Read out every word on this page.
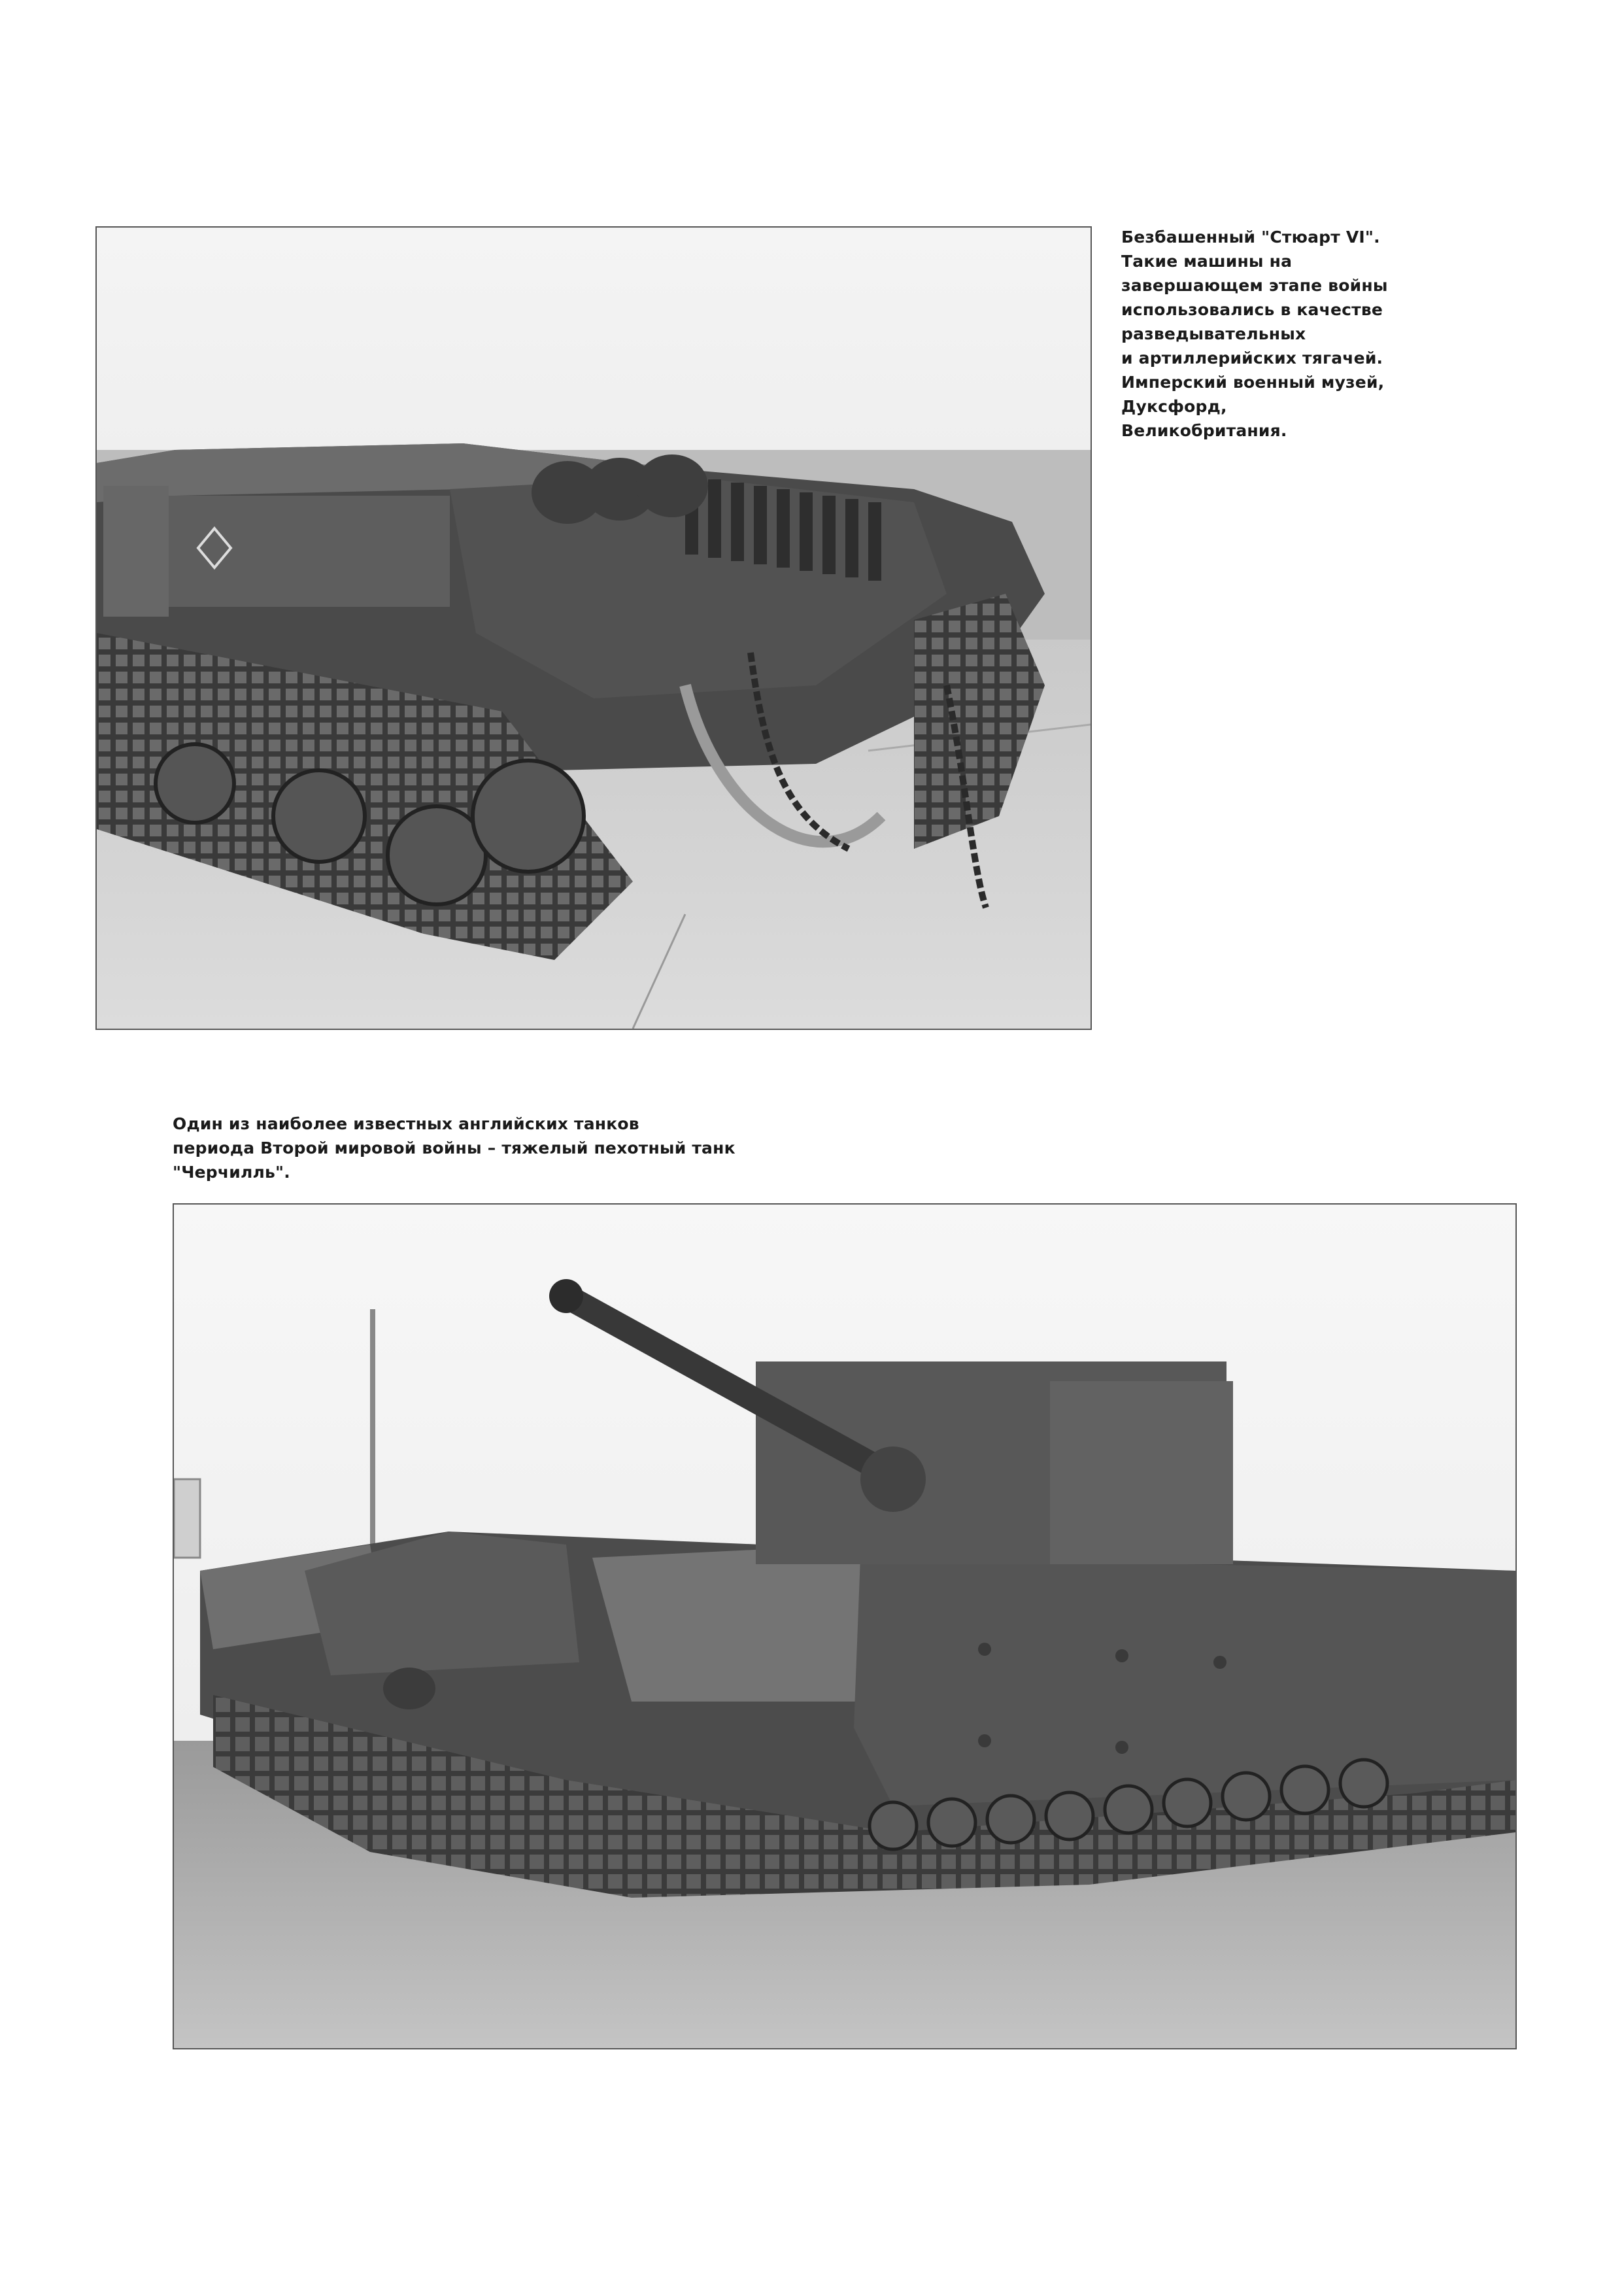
Безбашенный "Стюарт VI".
Такие машины на
завершающем этапе войны
использовались в качестве
разведывательных
и артиллерийских тягачей.
Имперский военный музей,
Дуксфорд,
Великобритания.
Один из наиболее известных английских танков
периода Второй мировой войны – тяжелый пехотный танк
"Черчилль".
